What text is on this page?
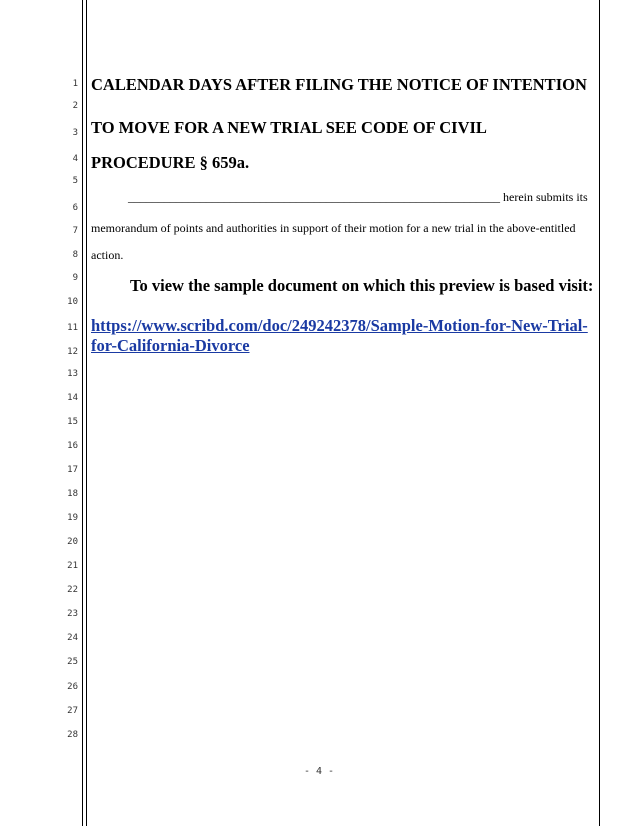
1
2
3
4
5
6
7
8
9
10
11
12
13
14
15
16
17
18
19
20
21
22
23
24
25
26
27
28
CALENDAR DAYS AFTER FILING THE NOTICE OF INTENTION
TO MOVE FOR A NEW TRIAL SEE CODE OF CIVIL
PROCEDURE § 659a.
______________________________________________________________ herein submits its
memorandum of points and authorities in support of their motion for a new trial in the above-entitled
action.
To view the sample document on which this preview is based visit:
https://www.scribd.com/doc/249242378/Sample-Motion-for-New-Trial-
for-California-Divorce
- 4 -
